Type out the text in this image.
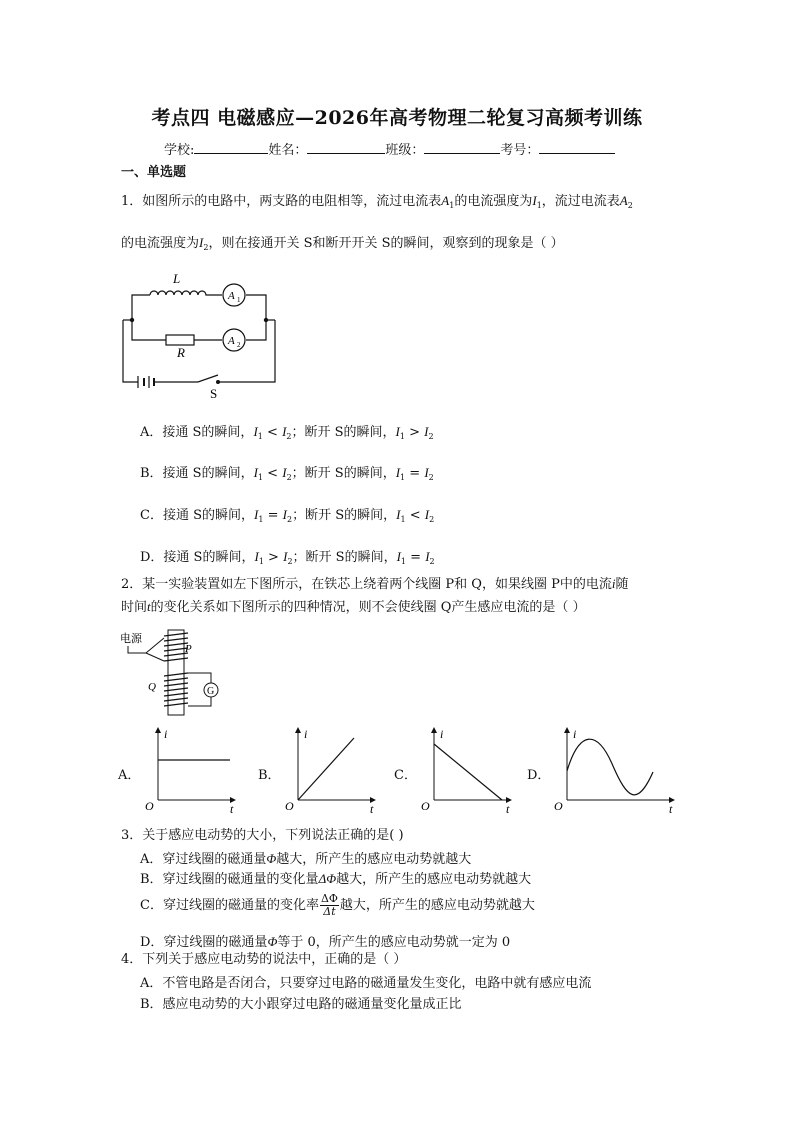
考点四 电磁感应—2026年高考物理二轮复习高频考训练
学校:	姓名：	班级：	考号：
一、单选题
1．如图所示的电路中，两支路的电阻相等，流过电流表$A_1$的电流强度为$I_1$，流过电流表$A_2$
的电流强度为$I_2$，则在接通开关 S和断开开关 S的瞬间，观察到的现象是（ ）
L
R
S
A 1
A 2
A．接通 S的瞬间，$I_1 < I_2$；断开 S的瞬间，$I_1 > I_2$
B．接通 S的瞬间，$I_1 < I_2$；断开 S的瞬间，$I_1 = I_2$
C．接通 S的瞬间，$I_1 = I_2$；断开 S的瞬间，$I_1 < I_2$
D．接通 S的瞬间，$I_1 > I_2$；断开 S的瞬间，$I_1 = I_2$
2．某一实验装置如左下图所示，在铁芯上绕着两个线圈 P和 Q，如果线圈 P中的电流i随
时间t的变化关系如下图所示的四种情况，则不会使线圈 Q产生感应电流的是（ ）
电源
P
Q	G
A．
i
t
O
B．
i
t
O
C．
i
t
O
D．
i
t
O
3．关于感应电动势的大小，下列说法正确的是( )
A．穿过线圈的磁通量Φ越大，所产生的感应电动势就越大
B．穿过线圈的磁通量的变化量ΔΦ越大，所产生的感应电动势就越大
C．穿过线圈的磁通量的变化率 $\frac{\Delta\Phi}{\Delta t}$ 越大，所产生的感应电动势就越大
D．穿过线圈的磁通量Φ等于 0，所产生的感应电动势就一定为 0
4．下列关于感应电动势的说法中，正确的是（ ）
A．不管电路是否闭合，只要穿过电路的磁通量发生变化，电路中就有感应电流
B．感应电动势的大小跟穿过电路的磁通量变化量成正比
